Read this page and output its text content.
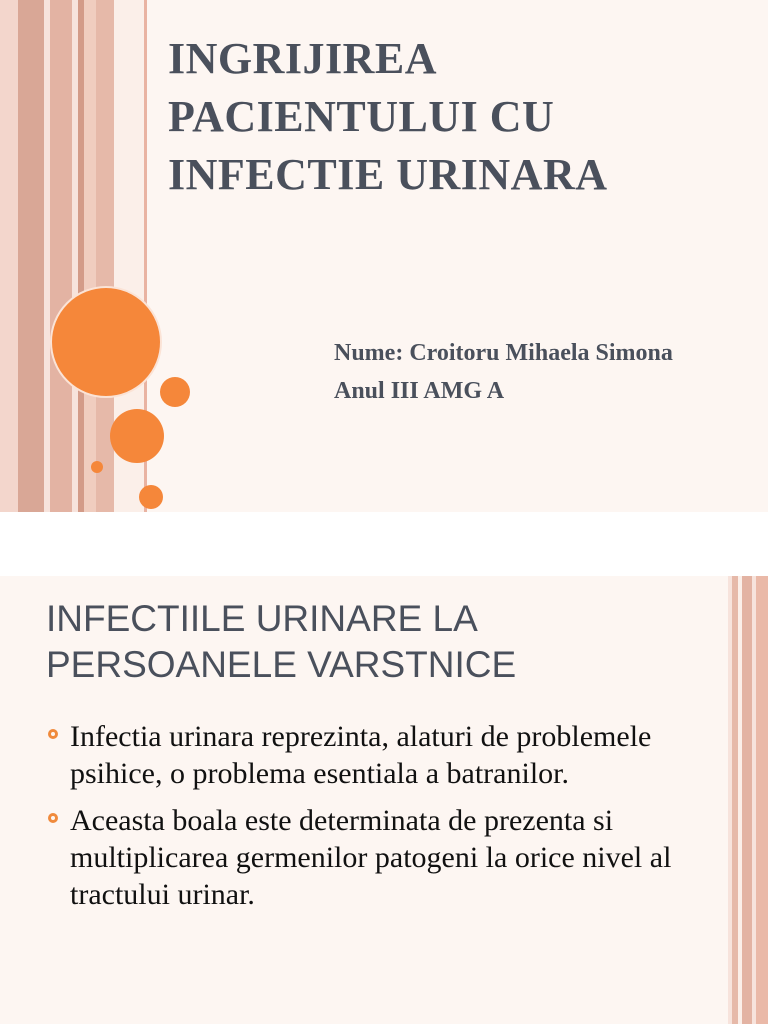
INGRIJIREA
PACIENTULUI CU
INFECTIE URINARA
Nume: Croitoru Mihaela Simona
Anul III AMG A
INFECTIILE URINARE LA
PERSOANELE VARSTNICE
Infectia urinara reprezinta, alaturi de problemele psihice, o problema esentiala a batranilor.
Aceasta boala este determinata de prezenta si multiplicarea germenilor patogeni la orice nivel al tractului urinar.
